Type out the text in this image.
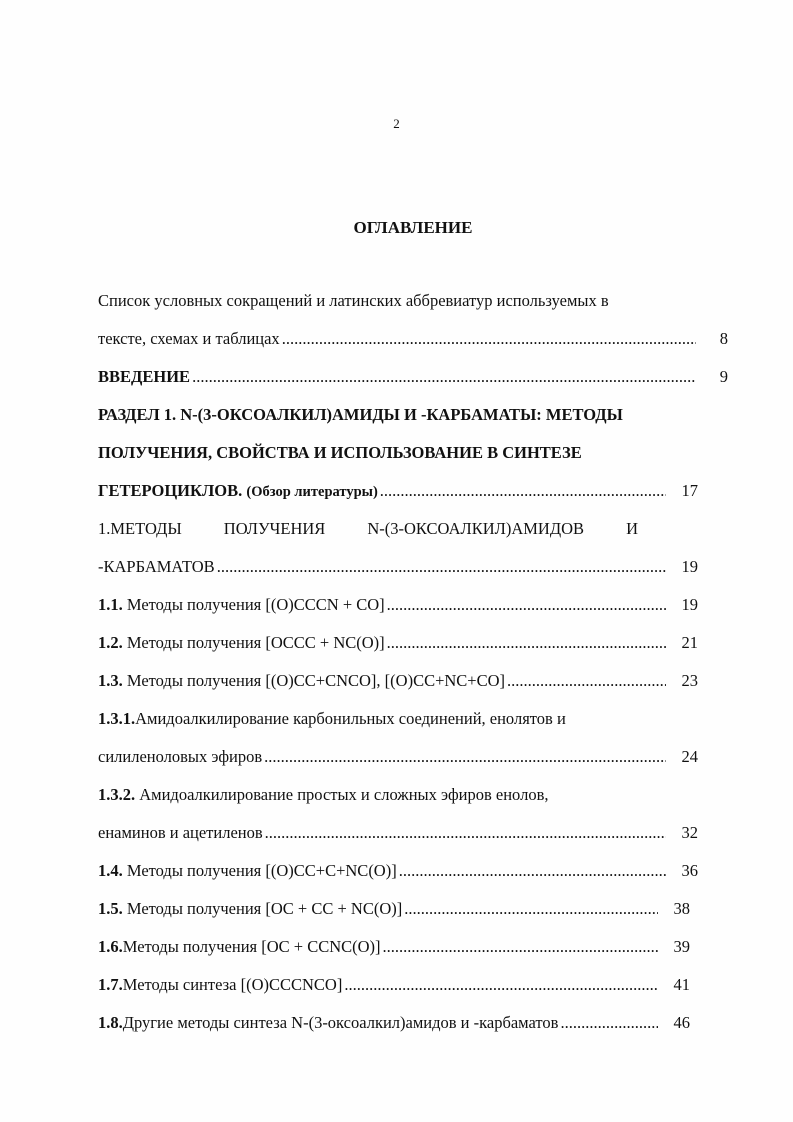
2
ОГЛАВЛЕНИЕ
Список условных сокращений и латинских аббревиатур используемых в
тексте, схемах и таблицах .....	8
ВВЕДЕНИЕ .....	9
РАЗДЕЛ 1. N-(3-ОКСОАЛКИЛ)АМИДЫ И -КАРБАМАТЫ: МЕТОДЫ
ПОЛУЧЕНИЯ, СВОЙСТВА И ИСПОЛЬЗОВАНИЕ В СИНТЕЗЕ
ГЕТЕРОЦИКЛОВ. (Обзор литературы) .....	17
1.МЕТОДЫ	ПОЛУЧЕНИЯ	N-(3-ОКСОАЛКИЛ)АМИДОВ	И
-КАРБАМАТОВ .....	19
1.1. Методы получения [(O)CCCN + CO] .....	19
1.2. Методы получения [OCCC + NC(O)] .....	21
1.3. Методы получения [(O)CC+CNCO], [(O)CC+NC+CO] .....	23
1.3.1.Амидоалкилирование карбонильных соединений, енолятов и
силиленоловых эфиров .....	24
1.3.2. Амидоалкилирование простых и сложных эфиров енолов,
енаминов и ацетиленов .....	32
1.4. Методы получения [(O)CC+C+NC(O)] .....	36
1.5. Методы получения [OC + CC + NC(O)] .....	38
1.6.Методы получения [OC + CCNC(O)] .....	39
1.7.Методы синтеза [(O)CCCNCO] .....	41
1.8.Другие методы синтеза N-(3-оксоалкил)амидов и -карбаматов .....	46
